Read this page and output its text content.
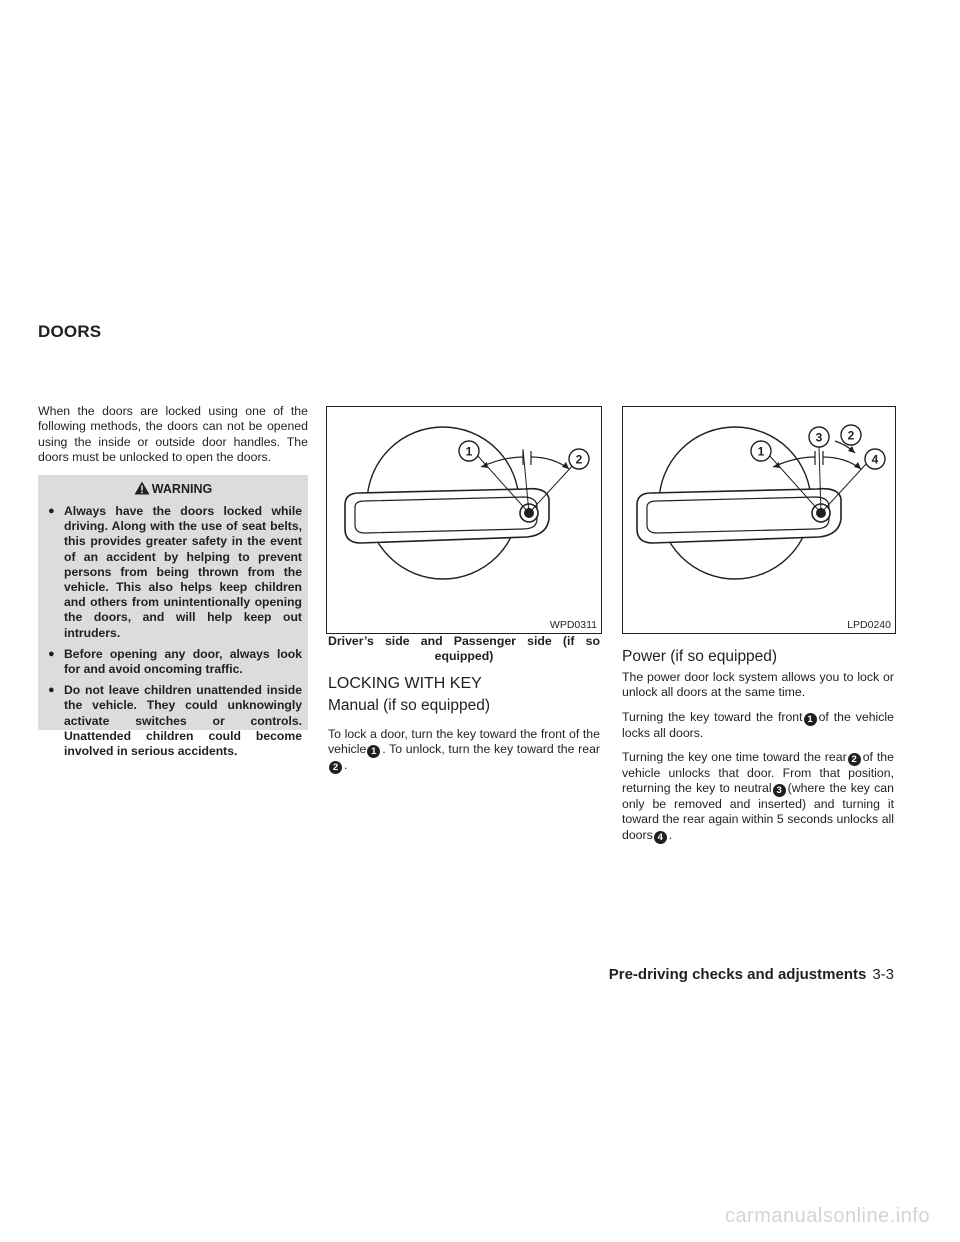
DOORS

When the doors are locked using one of the following methods, the doors can not be opened using the inside or outside door handles. The doors must be unlocked to open the doors.

WARNING
● Always have the doors locked while driving. Along with the use of seat belts, this provides greater safety in the event of an accident by helping to prevent persons from being thrown from the vehicle. This also helps keep children and others from unintentionally opening the doors, and will help keep out intruders.
● Before opening any door, always look for and avoid oncoming traffic.
● Do not leave children unattended inside the vehicle. They could unknowingly activate switches or controls. Unattended children could become involved in serious accidents.
1
2
WPD0311
Driver’s side and Passenger side (if so
equipped)
1
2
3
4
LPD0240
LOCKING WITH KEY
Manual (if so equipped)

To lock a door, turn the key toward the front of the vehicle 1 . To unlock, turn the key toward the rear2 .

Power (if so equipped)

The power door lock system allows you to lock or unlock all doors at the same time.

Turning the key toward the front 1 of the vehicle locks all doors.

Turning the key one time toward the rear 2 of the vehicle unlocks that door. From that position, returning the key to neutral 3 (where the key can only be removed and inserted) and turning it toward the rear again within 5 seconds unlocks all doors 4 .

Pre-driving checks and adjustments 3-3
carmanualsonline.info
